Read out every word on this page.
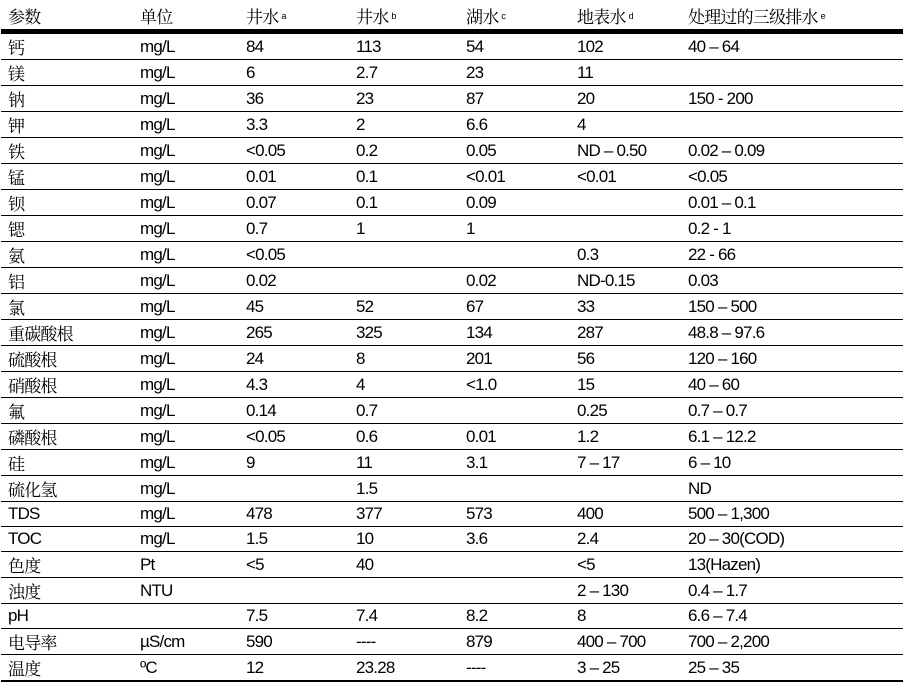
参数	单位	井水 $^a$	井水 $^b$	湖水 $^c$	地表水 $^d$	处理过的三级排水 $^e$
钙	mg/L	84	113	54	102	40 – 64
镁	mg/L	6	2.7	23	11	
钠	mg/L	36	23	87	20	150 - 200
钾	mg/L	3.3	2	6.6	4	
铁	mg/L	<0.05	0.2	0.05	ND – 0.50	0.02 – 0.09
锰	mg/L	0.01	0.1	<0.01	<0.01	<0.05
钡	mg/L	0.07	0.1	0.09		0.01 – 0.1
锶	mg/L	0.7	1	1		0.2 - 1
氨	mg/L	<0.05			0.3	22 - 66
铝	mg/L	0.02		0.02	ND-0.15	0.03
氯	mg/L	45	52	67	33	150 – 500
重碳酸根	mg/L	265	325	134	287	48.8 – 97.6
硫酸根	mg/L	24	8	201	56	120 – 160
硝酸根	mg/L	4.3	4	<1.0	15	40 – 60
氟	mg/L	0.14	0.7		0.25	0.7 – 0.7
磷酸根	mg/L	<0.05	0.6	0.01	1.2	6.1 – 12.2
硅	mg/L	9	11	3.1	7 – 17	6 – 10
硫化氢	mg/L		1.5			ND
TDS	mg/L	478	377	573	400	500 – 1,300
TOC	mg/L	1.5	10	3.6	2.4	20 – 30(COD)
色度	Pt	<5	40		<5	13(Hazen)
浊度	NTU				2 – 130	0.4 – 1.7
pH		7.5	7.4	8.2	8	6.6 – 7.4
电导率	µS/cm	590	----	879	400 – 700	700 – 2,200
温度	ºC	12	23.28	----	3 – 25	25 – 35
